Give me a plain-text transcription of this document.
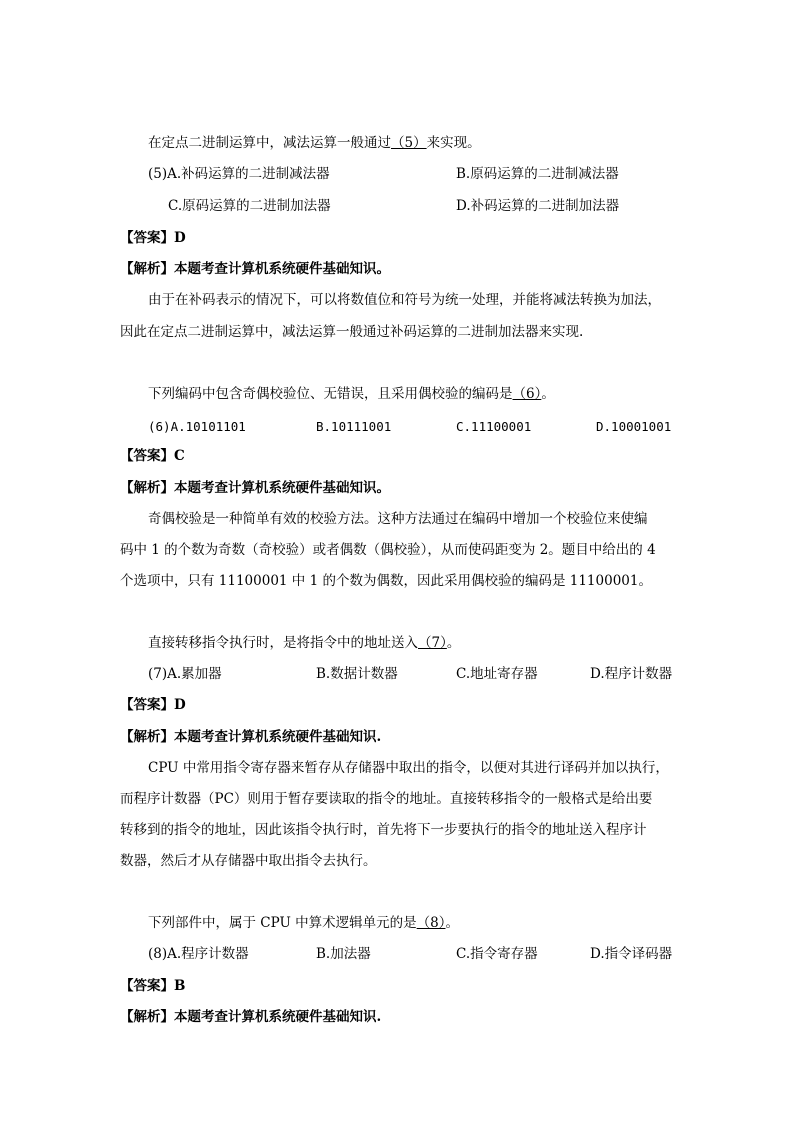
在定点二进制运算中，减法运算一般通过（5）来实现。
(5)A.补码运算的二进制减法器	B.原码运算的二进制减法器
C.原码运算的二进制加法器	D.补码运算的二进制加法器
【答案】D
【解析】本题考查计算机系统硬件基础知识。
由于在补码表示的情况下，可以将数值位和符号为统一处理，并能将减法转换为加法，
因此在定点二进制运算中，减法运算一般通过补码运算的二进制加法器来实现.
下列编码中包含奇偶校验位、无错误，且采用偶校验的编码是（6）。
(6)A.10101101	B.10111001	C.11100001	D.10001001
【答案】C
【解析】本题考查计算机系统硬件基础知识。
奇偶校验是一种简单有效的校验方法。这种方法通过在编码中增加一个校验位来使编
码中 1 的个数为奇数（奇校验）或者偶数（偶校验），从而使码距变为 2。题目中给出的 4
个选项中，只有 11100001 中 1 的个数为偶数，因此采用偶校验的编码是 11100001。
直接转移指令执行时，是将指令中的地址送入（7）。
(7)A.累加器	B.数据计数器	C.地址寄存器	D.程序计数器
【答案】D
【解析】本题考查计算机系统硬件基础知识.
CPU 中常用指令寄存器来暂存从存储器中取出的指令，以便对其进行译码并加以执行，
而程序计数器（PC）则用于暂存要读取的指令的地址。直接转移指令的一般格式是给出要
转移到的指令的地址，因此该指令执行时，首先将下一步要执行的指令的地址送入程序计
数器，然后才从存储器中取出指令去执行。
下列部件中，属于 CPU 中算术逻辑单元的是（8）。
(8)A.程序计数器	B.加法器	C.指令寄存器	D.指令译码器
【答案】B
【解析】本题考查计算机系统硬件基础知识.
